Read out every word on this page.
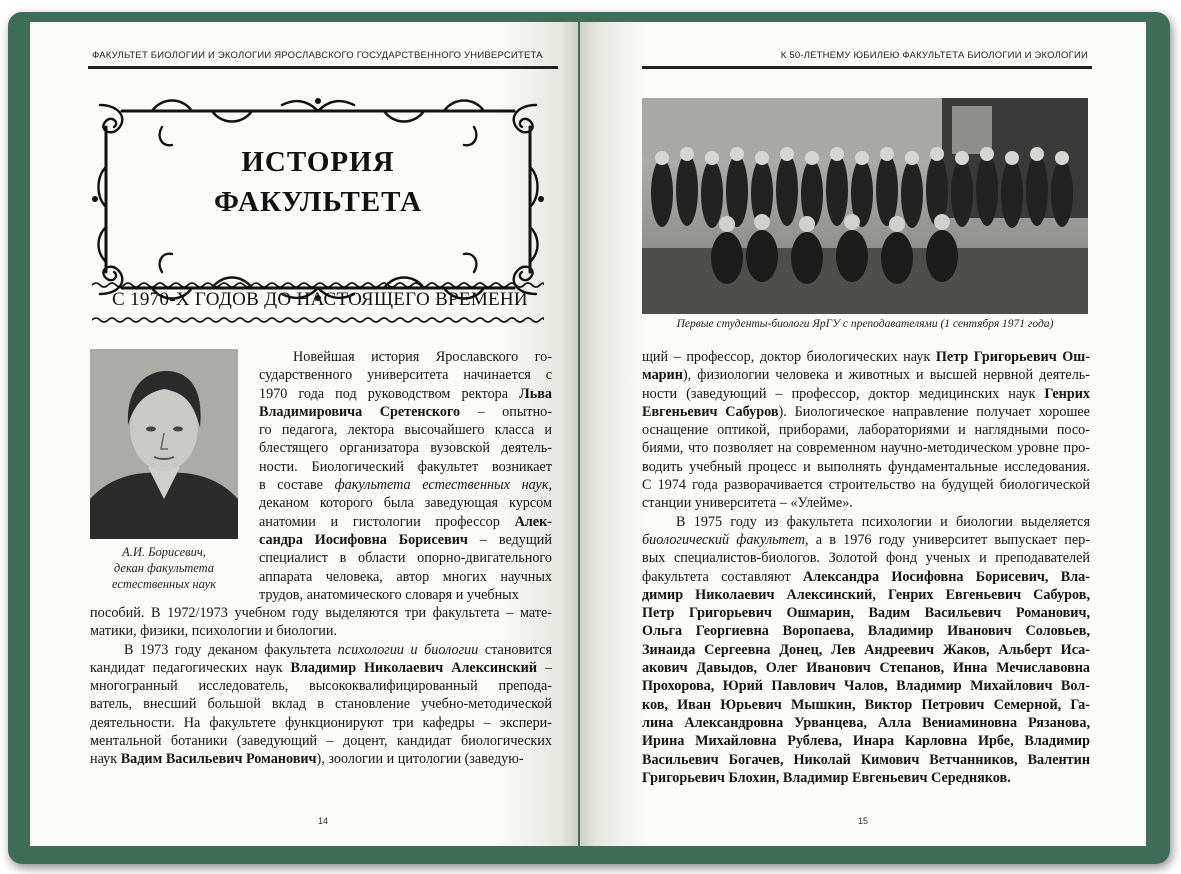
ФАКУЛЬТЕТ БИОЛОГИИ И ЭКОЛОГИИ ЯРОСЛАВСКОГО ГОСУДАРСТВЕННОГО УНИВЕРСИТЕТА
ИСТОРИЯ
ФАКУЛЬТЕТА
С 1970-Х ГОДОВ ДО НАСТОЯЩЕГО ВРЕМЕНИ
А.И. Борисевич,
декан факультета
естественных наук

Новейшая история Ярославского го-

сударственного университета начинается с

1970 года под руководством ректора Льва

Владимировича Сретенского – опытно-

го педагога, лектора высочайшего класса и

блестящего организатора вузовской деятель-

ности. Биологический факультет возникает

в составе факультета естественных наук,

деканом которого была заведующая курсом

анатомии и гистологии профессор Алек-

сандра Иосифовна Борисевич – ведущий

специалист в области опорно-двигательного

аппарата человека, автор многих научных

трудов, анатомического словаря и учебных

пособий. В 1972/1973 учебном году выделяются три факультета – мате-

матики, физики, психологии и биологии.

В 1973 году деканом факультета психологии и биологии становится

кандидат педагогических наук Владимир Николаевич Алексинский –

многогранный исследователь, высококвалифицированный препода-

ватель, внесший большой вклад в становление учебно-методической

деятельности. На факультете функционируют три кафедры – экспери-

ментальной ботаники (заведующий – доцент, кандидат биологических

наук Вадим Васильевич Романович), зоологии и цитологии (заведую-

14
К 50-ЛЕТНЕМУ ЮБИЛЕЮ ФАКУЛЬТЕТА БИОЛОГИИ И ЭКОЛОГИИ
Первые студенты-биологи ЯрГУ с преподавателями (1 сентября 1971 года)

щий – профессор, доктор биологических наук Петр Григорьевич Ош-

марин), физиологии человека и животных и высшей нервной деятель-

ности (заведующий – профессор, доктор медицинских наук Генрих

Евгеньевич Сабуров). Биологическое направление получает хорошее

оснащение оптикой, приборами, лабораториями и наглядными посо-

биями, что позволяет на современном научно-методическом уровне про-

водить учебный процесс и выполнять фундаментальные исследования.

С 1974 года разворачивается строительство на будущей биологической

станции университета – «Улейме».

В 1975 году из факультета психологии и биологии выделяется

биологический факультет, а в 1976 году университет выпускает пер-

вых специалистов-биологов. Золотой фонд ученых и преподавателей

факультета составляют Александра Иосифовна Борисевич, Вла-

димир Николаевич Алексинский, Генрих Евгеньевич Сабуров,

Петр Григорьевич Ошмарин, Вадим Васильевич Романович,

Ольга Георгиевна Воропаева, Владимир Иванович Соловьев,

Зинаида Сергеевна Донец, Лев Андреевич Жаков, Альберт Иса-

акович Давыдов, Олег Иванович Степанов, Инна Мечиславовна

Прохорова, Юрий Павлович Чалов, Владимир Михайлович Вол-

ков, Иван Юрьевич Мышкин, Виктор Петрович Семерной, Га-

лина Александровна Урванцева, Алла Вениаминовна Рязанова,

Ирина Михайловна Рублева, Инара Карловна Ирбе, Владимир

Васильевич Богачев, Николай Кимович Ветчанников, Валентин

Григорьевич Блохин, Владимир Евгеньевич Середняков.

15
